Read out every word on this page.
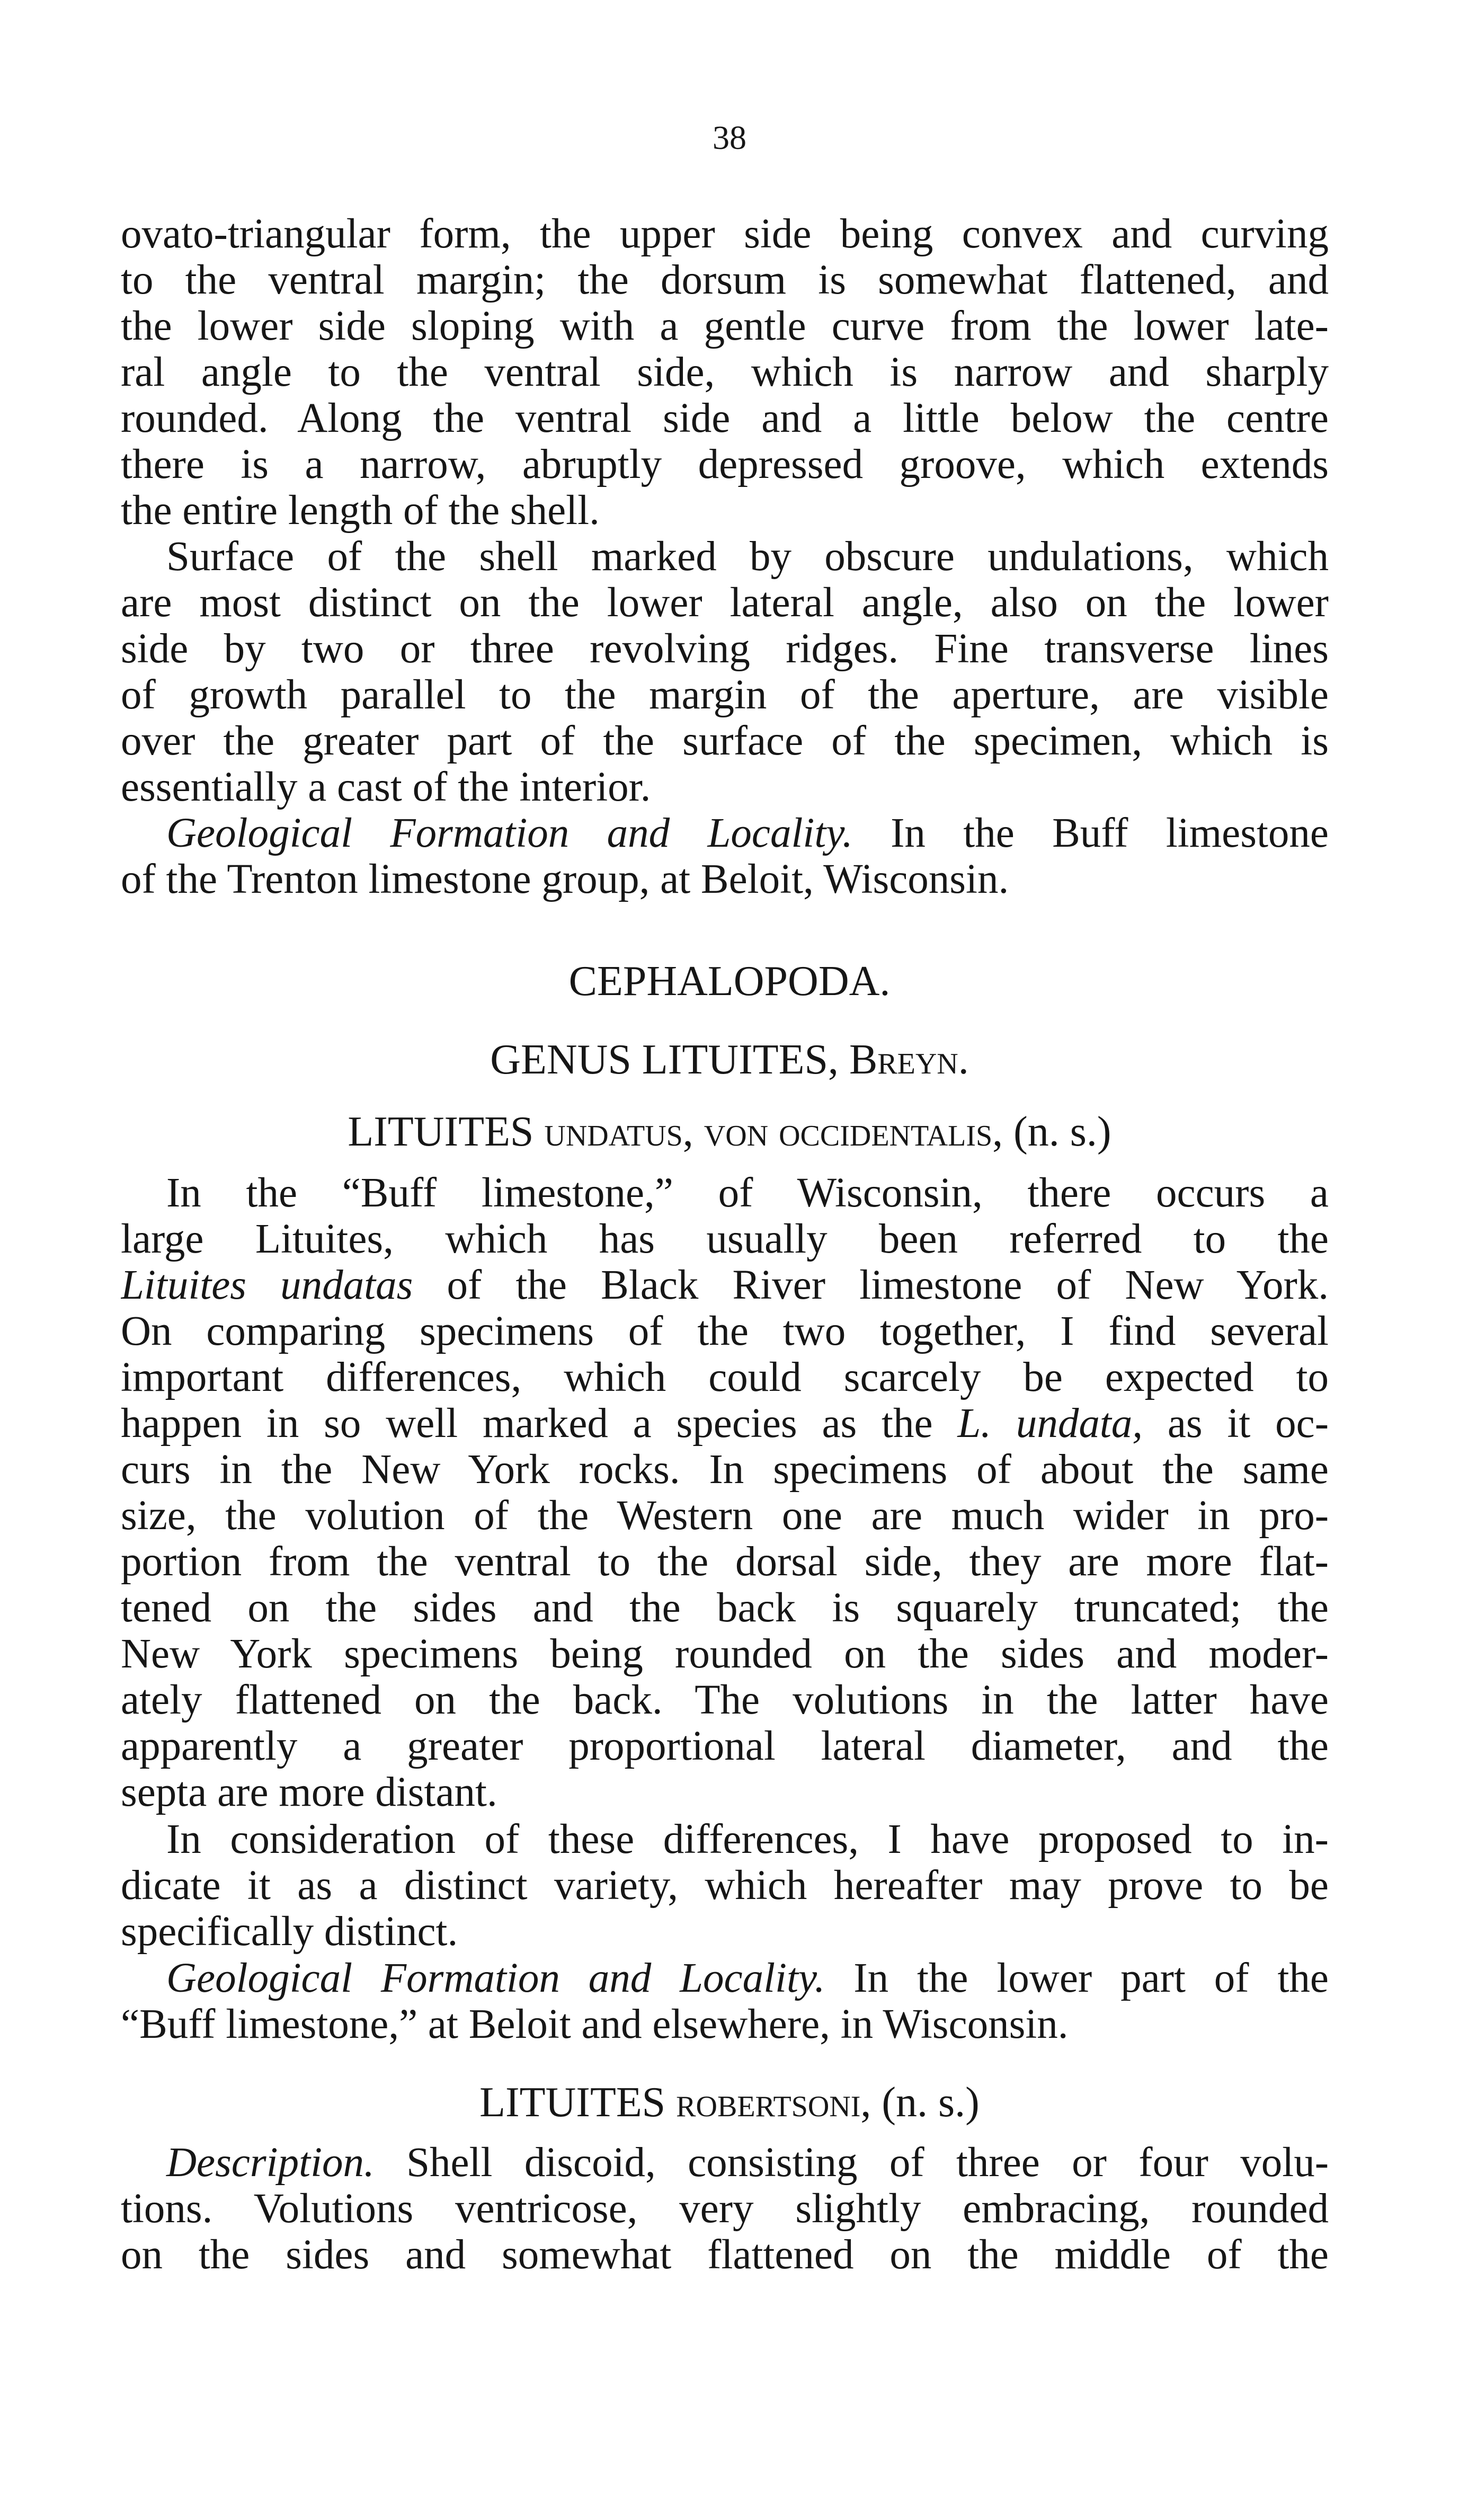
38
ovato-triangular form, the upper side being convex and curving
to the ventral margin; the dorsum is somewhat flattened, and
the lower side sloping with a gentle curve from the lower late-
ral angle to the ventral side, which is narrow and sharply
rounded. Along the ventral side and a little below the centre
there is a narrow, abruptly depressed groove, which extends
the entire length of the shell.
Surface of the shell marked by obscure undulations, which
are most distinct on the lower lateral angle, also on the lower
side by two or three revolving ridges. Fine transverse lines
of growth parallel to the margin of the aperture, are visible
over the greater part of the surface of the specimen, which is
essentially a cast of the interior.
Geological Formation and Locality. In the Buff limestone
of the Trenton limestone group, at Beloit, Wisconsin.
CEPHALOPODA.
GENUS LITUITES, Breyn.
LITUITES undatus, von occidentalis, (n. s.)
In the “Buff limestone,” of Wisconsin, there occurs a
large Lituites, which has usually been referred to the
Lituites undatas of the Black River limestone of New York.
On comparing specimens of the two together, I find several
important differences, which could scarcely be expected to
happen in so well marked a species as the L. undata, as it oc-
curs in the New York rocks. In specimens of about the same
size, the volution of the Western one are much wider in pro-
portion from the ventral to the dorsal side, they are more flat-
tened on the sides and the back is squarely truncated; the
New York specimens being rounded on the sides and moder-
ately flattened on the back. The volutions in the latter have
apparently a greater proportional lateral diameter, and the
septa are more distant.
In consideration of these differences, I have proposed to in-
dicate it as a distinct variety, which hereafter may prove to be
specifically distinct.
Geological Formation and Locality. In the lower part of the
“Buff limestone,” at Beloit and elsewhere, in Wisconsin.
LITUITES robertsoni, (n. s.)
Description. Shell discoid, consisting of three or four volu-
tions. Volutions ventricose, very slightly embracing, rounded
on the sides and somewhat flattened on the middle of the
